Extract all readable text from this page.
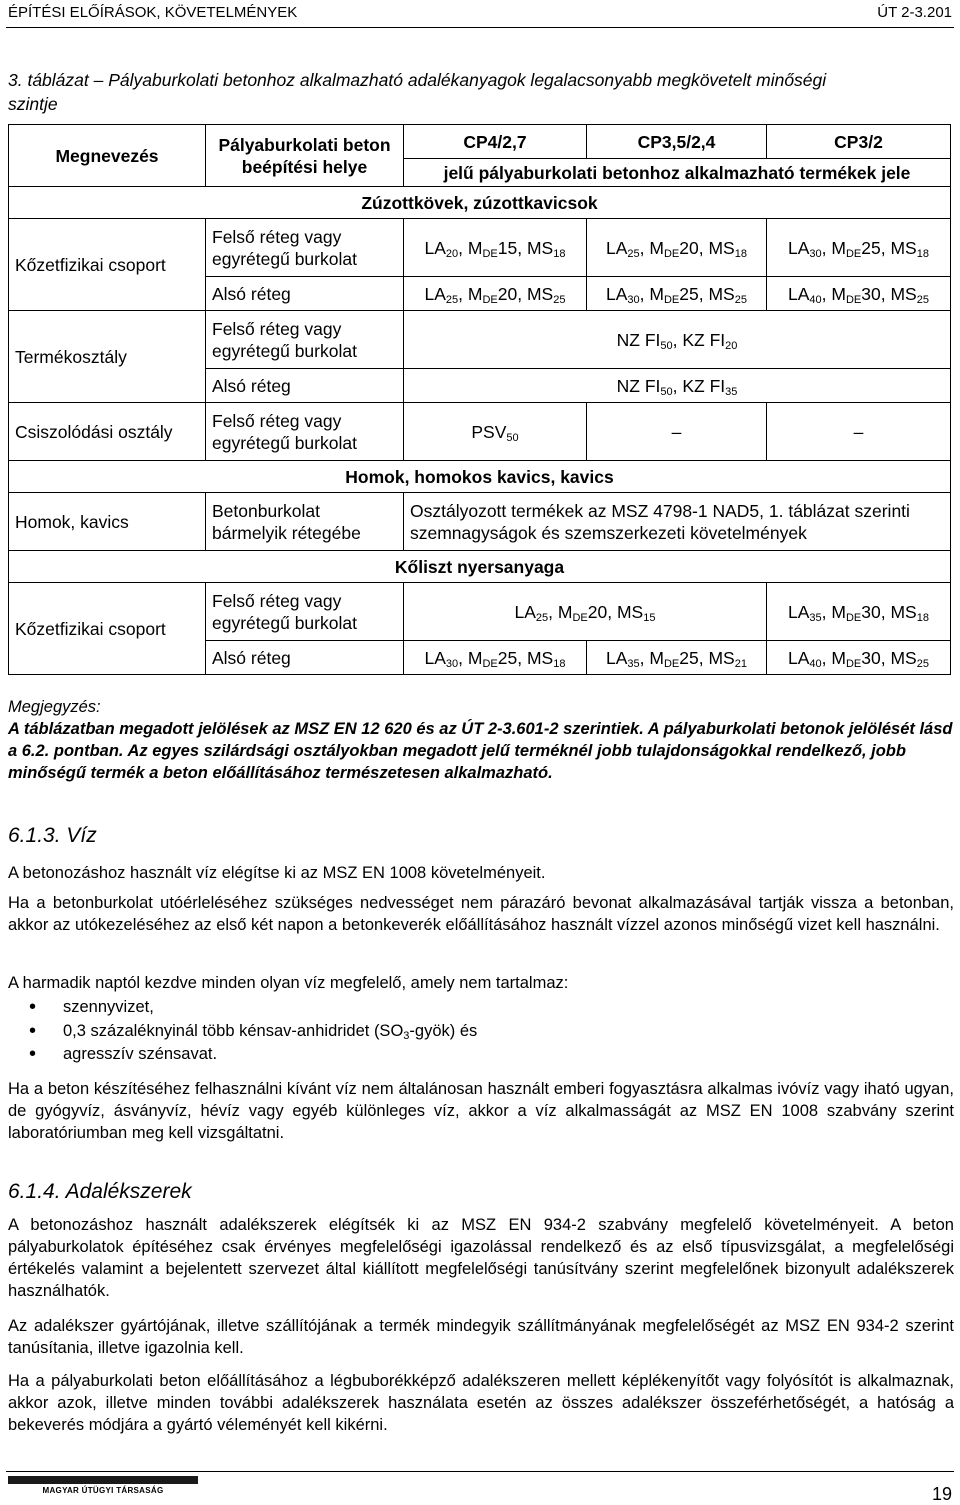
ÉPÍTÉSI ELŐÍRÁSOK, KÖVETELMÉNYEK	ÚT 2-3.201
3. táblázat – Pályaburkolati betonhoz alkalmazható adalékanyagok legalacsonyabb megkövetelt minőségi szintje
Megnevezés	Pályaburkolati beton beépítési helye	CP4/2,7	CP3,5/2,4	CP3/2
		jelű pályaburkolati betonhoz alkalmazható termékek jele		
Zúzottkövek, zúzottkavicsok				
Kőzetfizikai csoport	Felső réteg vagy egyrétegű burkolat	$LA_{20}$, $M_{DE}15$, $MS_{18}$	$LA_{25}$, $M_{DE}20$, $MS_{18}$	$LA_{30}$, $M_{DE}25$, $MS_{18}$
	Alsó réteg	$LA_{25}$, $M_{DE}20$, $MS_{25}$	$LA_{30}$, $M_{DE}25$, $MS_{25}$	$LA_{40}$, $M_{DE}30$, $MS_{25}$
Termékosztály	Felső réteg vagy egyrétegű burkolat	NZ $FI_{50}$, KZ $FI_{20}$
	Alsó réteg	NZ $FI_{50}$, KZ $FI_{35}$
Csiszolódási osztály	Felső réteg vagy egyrétegű burkolat	$PSV_{50}$	–	–
Homok, homokos kavics, kavics				
Homok, kavics	Betonburkolat bármelyik rétegébe	Osztályozott termékek az MSZ 4798-1 NAD5, 1. táblázat szerinti szemnagyságok és szemszerkezeti követelmények		
Kőliszt nyersanyaga				
Kőzetfizikai csoport	Felső réteg vagy egyrétegű burkolat	$LA_{25}$, $M_{DE}20$, $MS_{15}$		$LA_{35}$, $M_{DE}30$, $MS_{18}$
	Alsó réteg	$LA_{30}$, $M_{DE}25$, $MS_{18}$	$LA_{35}$, $M_{DE}25$, $MS_{21}$	$LA_{40}$, $M_{DE}30$, $MS_{25}$
Megjegyzés:
A táblázatban megadott jelölések az MSZ EN 12 620 és az ÚT 2-3.601-2 szerintiek. A pályaburkolati betonok jelölését lásd a 6.2. pontban. Az egyes szilárdsági osztályokban megadott jelű terméknél jobb tulajdonságokkal rendelkező, jobb minőségű termék a beton előállításához természetesen alkalmazható.
6.1.3. Víz
A betonozáshoz használt víz elégítse ki az MSZ EN 1008 követelményeit.
Ha a betonburkolat utóérleléséhez szükséges nedvességet nem párazáró bevonat alkalmazásával tartják vissza a betonban, akkor az utókezeléséhez az első két napon a betonkeverék előállításához használt vízzel azonos minőségű vizet kell használni.
A harmadik naptól kezdve minden olyan víz megfelelő, amely nem tartalmaz:
• szennyvizet,
• 0,3 százaléknyinál több kénsav-anhidridet $(SO_3-gyök)$ és
• agresszív szénsavat.
Ha a beton készítéséhez felhasználni kívánt víz nem általánosan használt emberi fogyasztásra alkalmas ivóvíz vagy iható ugyan, de gyógyvíz, ásványvíz, hévíz vagy egyéb különleges víz, akkor a víz alkalmasságát az MSZ EN 1008 szabvány szerint laboratóriumban meg kell vizsgáltatni.
6.1.4. Adalékszerek
A betonozáshoz használt adalékszerek elégítsék ki az MSZ EN 934-2 szabvány megfelelő követelményeit. A beton pályaburkolatok építéséhez csak érvényes megfelelőségi igazolással rendelkező és az első típusvizsgálat, a megfelelőségi értékelés valamint a bejelentett szervezet által kiállított megfelelőségi tanúsítvány szerint megfelelőnek bizonyult adalékszerek használhatók.
Az adalékszer gyártójának, illetve szállítójának a termék mindegyik szállítmányának megfelelőségét az MSZ EN 934-2 szerint tanúsítania, illetve igazolnia kell.
Ha a pályaburkolati beton előállításához a légbuborékképző adalékszeren mellett képlékenyítőt vagy folyósítót is alkalmaznak, akkor azok, illetve minden további adalékszerek használata esetén az összes adalékszer összeférhetőségét, a hatóság a bekeverés módjára a gyártó véleményét kell kikérni.
MAGYAR ÚTÜGYI TÁRSASÁG	19
